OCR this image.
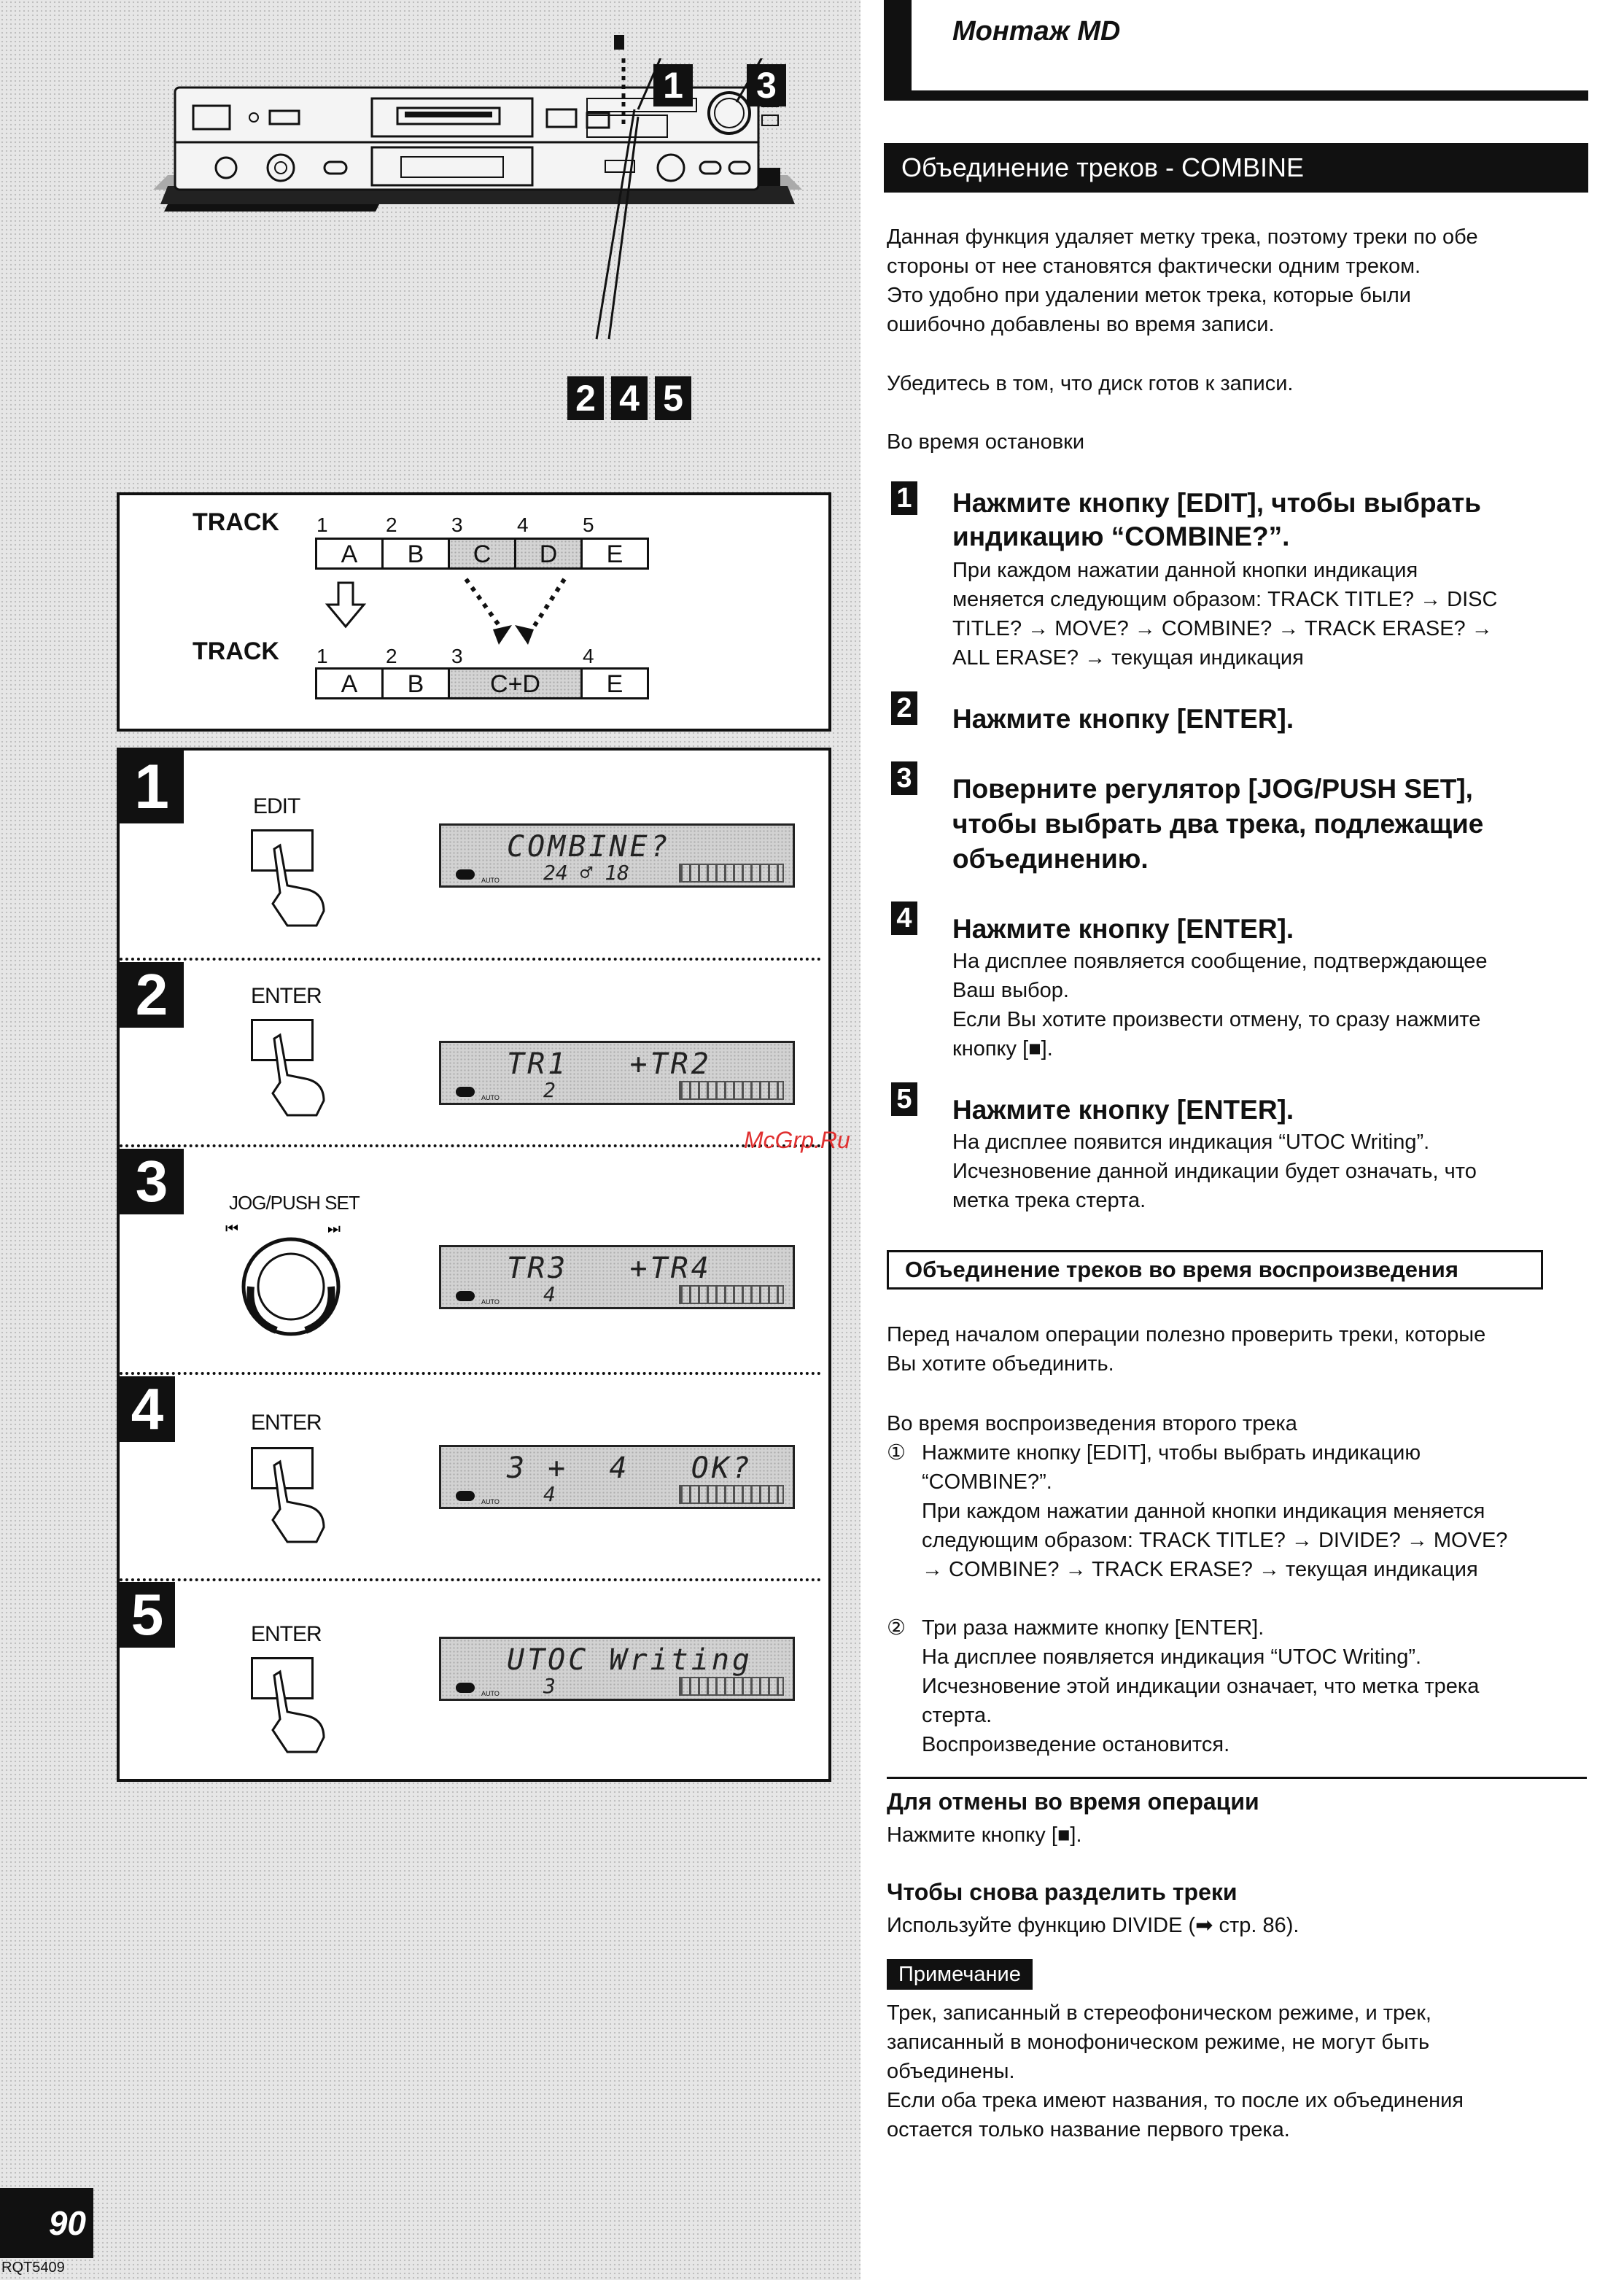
1 3
2 4 5
TRACK 1	2	3	4	5
A	B	C	D	E
TRACK 1	2	3	4
A	B	C+D	E
1	EDIT
COMBINE?
24 ♂ 18
AUTO
2	ENTER
TR1   +TR2
2
AUTO
3	JOG/PUSH SET
⏮	⏭
TR3   +TR4
4
AUTO
4	ENTER
3 +  4   OK?
4
AUTO
5	ENTER
UTOC Writing
3
AUTO
90
RQT5409
Монтаж MD
Объединение треков - COMBINE
Данная функция удаляет метку трека, поэтому треки по обе
стороны от нее становятся фактически одним треком.
Это удобно при удалении меток трека, которые были
ошибочно добавлены во время записи.
Убедитесь в том, что диск готов к записи.
Во время остановки
1 Нажмите кнопку [EDIT], чтобы выбрать
индикацию “COMBINE?”.
При каждом нажатии данной кнопки индикация
меняется следующим образом: TRACK TITLE? → DISC
TITLE? → MOVE? → COMBINE? → TRACK ERASE? →
ALL ERASE? → текущая индикация
2 Нажмите кнопку [ENTER].
3 Поверните регулятор [JOG/PUSH SET],
чтобы выбрать два трека, подлежащие
объединению.
4 Нажмите кнопку [ENTER].
На дисплее появляется сообщение, подтверждающее
Ваш выбор.
Если Вы хотите произвести отмену, то сразу нажмите
кнопку [■].
5 Нажмите кнопку [ENTER].
На дисплее появится индикация “UTOC Writing”.
Исчезновение данной индикации будет означать, что
метка трека стерта.
McGrp.Ru
Объединение треков во время воспроизведения
Перед началом операции полезно проверить треки, которые
Вы хотите объединить.
Во время воспроизведения второго трека
① Нажмите кнопку [EDIT], чтобы выбрать индикацию
“COMBINE?”.
При каждом нажатии данной кнопки индикация меняется
следующим образом: TRACK TITLE? → DIVIDE? → MOVE?
→ COMBINE? → TRACK ERASE? → текущая индикация
② Три раза нажмите кнопку [ENTER].
На дисплее появляется индикация “UTOC Writing”.
Исчезновение этой индикации означает, что метка трека
стерта.
Воспроизведение остановится.
Для отмены во время операции
Нажмите кнопку [■].
Чтобы снова разделить треки
Используйте функцию DIVIDE (➡ стр. 86).
Примечание
Трек, записанный в стереофоническом режиме, и трек,
записанный в монофоническом режиме, не могут быть
объединены.
Если оба трека имеют названия, то после их объединения
остается только название первого трека.
